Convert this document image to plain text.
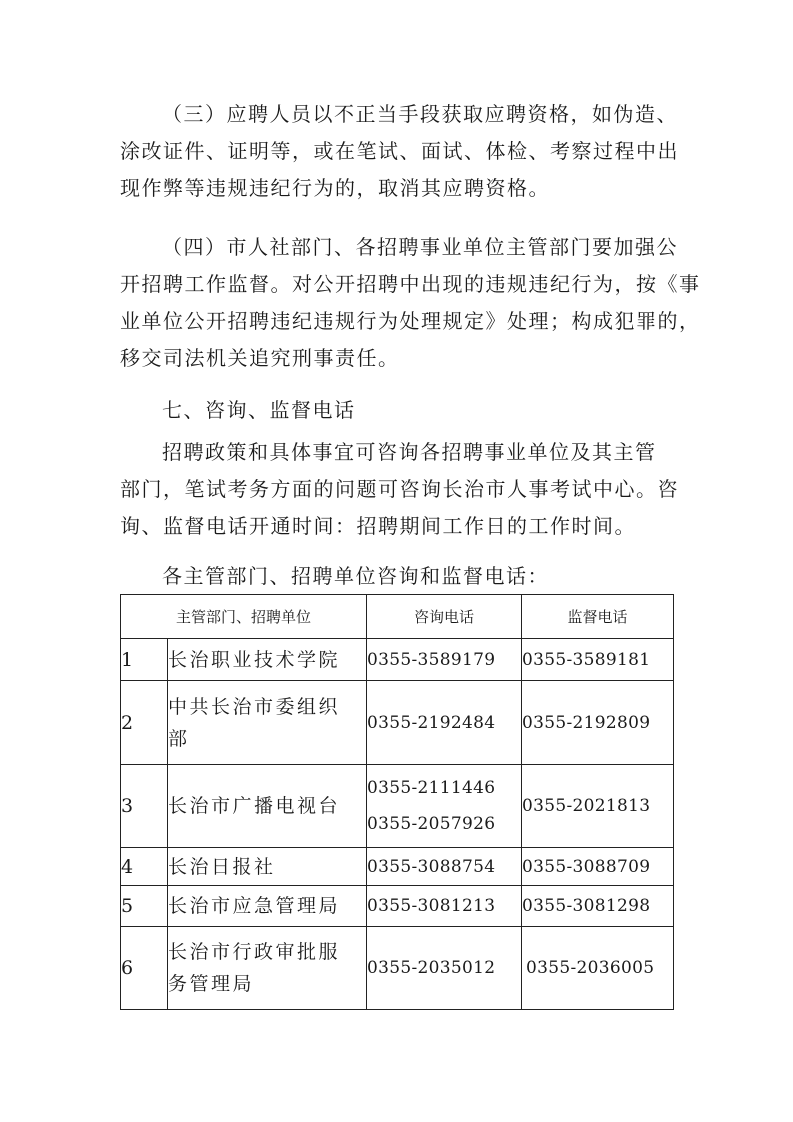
（三）应聘人员以不正当手段获取应聘资格，如伪造、
涂改证件、证明等，或在笔试、面试、体检、考察过程中出
现作弊等违规违纪行为的，取消其应聘资格。

（四）市人社部门、各招聘事业单位主管部门要加强公
开招聘工作监督。对公开招聘中出现的违规违纪行为，按《事
业单位公开招聘违纪违规行为处理规定》处理；构成犯罪的，
移交司法机关追究刑事责任。

七、咨询、监督电话

招聘政策和具体事宜可咨询各招聘事业单位及其主管
部门，笔试考务方面的问题可咨询长治市人事考试中心。咨
询、监督电话开通时间：招聘期间工作日的工作时间。

各主管部门、招聘单位咨询和监督电话：

主管部门、招聘单位		咨询电话	监督电话
1	长治职业技术学院	0355-3589179	0355-3589181
2	中共长治市委组织
部	0355-2192484	0355-2192809
3	长治市广播电视台	0355-2111446
0355-2057926	0355-2021813
4	长治日报社	0355-3088754	0355-3088709
5	长治市应急管理局	0355-3081213	0355-3081298
6	长治市行政审批服
务管理局	0355-2035012	0355-2036005
